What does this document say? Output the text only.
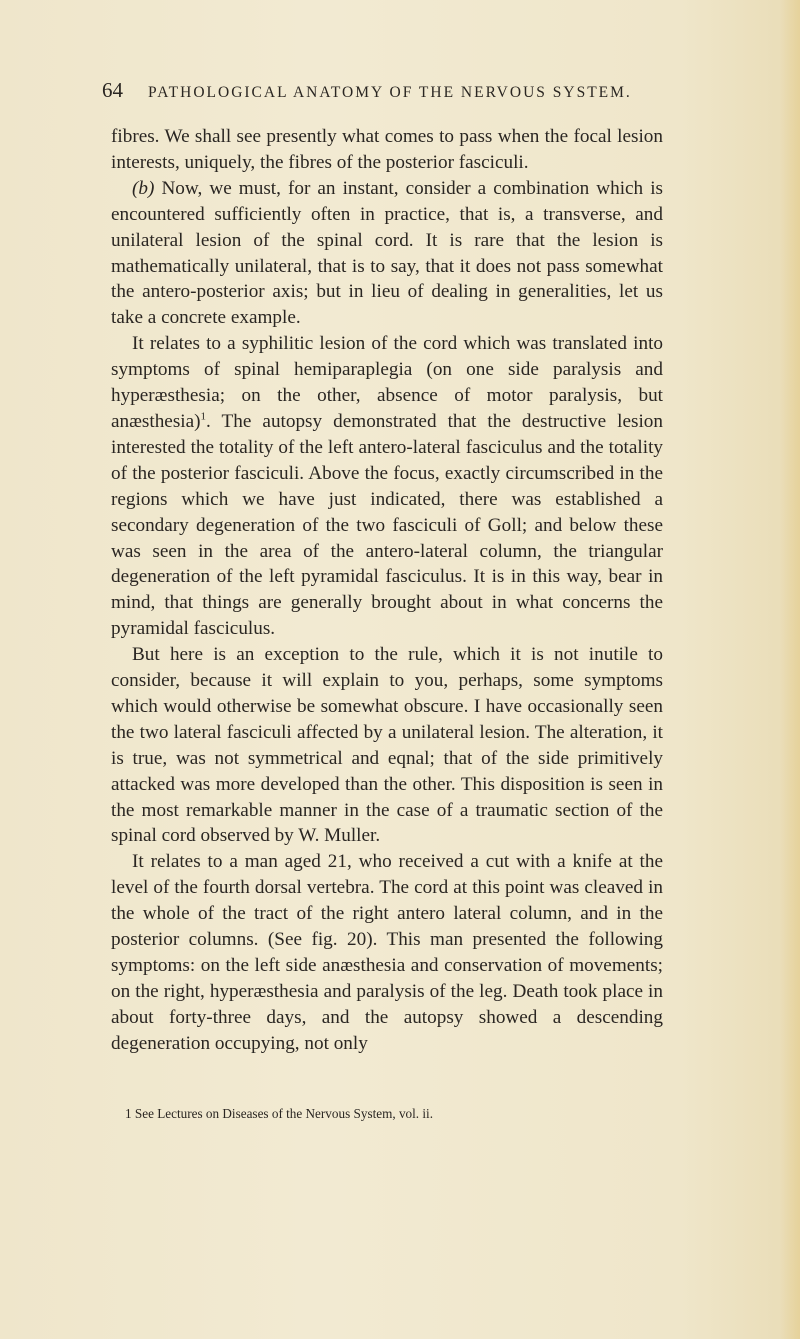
64	PATHOLOGICAL ANATOMY OF THE NERVOUS SYSTEM.

fibres. We shall see presently what comes to pass when the focal lesion interests, uniquely, the fibres of the posterior fasciculi.

(b) Now, we must, for an instant, consider a combination which is encountered sufficiently often in practice, that is, a transverse, and unilateral lesion of the spinal cord. It is rare that the lesion is mathematically unilateral, that is to say, that it does not pass somewhat the antero-posterior axis; but in lieu of dealing in generalities, let us take a concrete example.

It relates to a syphilitic lesion of the cord which was translated into symptoms of spinal hemiparaplegia (on one side paralysis and hyperæsthesia; on the other, absence of motor paralysis, but anæsthesia)$^1$. The autopsy demonstrated that the destructive lesion interested the totality of the left antero-lateral fasciculus and the totality of the posterior fasciculi. Above the focus, exactly circumscribed in the regions which we have just indicated, there was established a secondary degeneration of the two fasciculi of Goll; and below these was seen in the area of the antero-lateral column, the triangular degeneration of the left pyramidal fasciculus. It is in this way, bear in mind, that things are generally brought about in what concerns the pyramidal fasciculus.

But here is an exception to the rule, which it is not inutile to consider, because it will explain to you, perhaps, some symptoms which would otherwise be somewhat obscure. I have occasionally seen the two lateral fasciculi affected by a unilateral lesion. The alteration, it is true, was not symmetrical and eqnal; that of the side primitively attacked was more developed than the other. This disposition is seen in the most remarkable manner in the case of a traumatic section of the spinal cord observed by W. Muller.

It relates to a man aged 21, who received a cut with a knife at the level of the fourth dorsal vertebra. The cord at this point was cleaved in the whole of the tract of the right antero lateral column, and in the posterior columns. (See fig. 20). This man presented the following symptoms: on the left side anæsthesia and conservation of movements; on the right, hyperæsthesia and paralysis of the leg. Death took place in about forty-three days, and the autopsy showed a descending degeneration occupying, not only

1 See Lectures on Diseases of the Nervous System, vol. ii.
